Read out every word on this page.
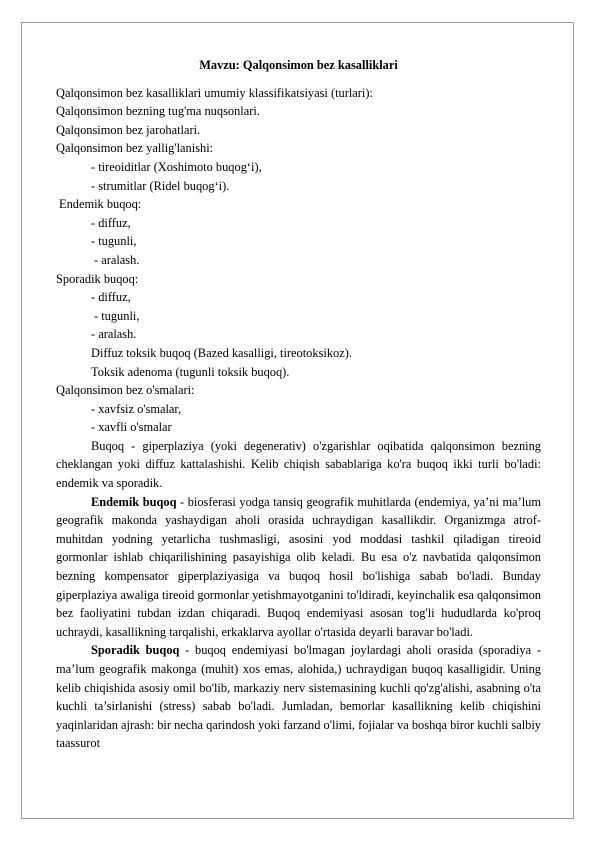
Mavzu: Qalqonsimon bez kasalliklari
Qalqonsimon bez kasalliklari umumiy klassifikatsiyasi (turlari):
Qalqonsimon bezning tug'ma nuqsonlari.
Qalqonsimon bez jarohatlari.
Qalqonsimon bez yallig'lanishi:
- tireoiditlar (Xoshimoto buqog‘i),
- strumitlar (Ridel buqog‘i).
Endemik buqoq:
- diffuz,
- tugunli,
- aralash.
Sporadik buqoq:
- diffuz,
- tugunli,
- aralash.
Diffuz toksik buqoq (Bazed kasalligi, tireotoksikoz).
Toksik adenoma (tugunli toksik buqoq).
Qalqonsimon bez o'smalari:
- xavfsiz o'smalar,
- xavfli o'smalar

Buqoq - giperplaziya (yoki degenerativ) o'zgarishlar oqibatida qalqonsimon bezning cheklangan yoki diffuz kattalashishi. Kelib chiqish sabablariga ko'ra buqoq ikki turli bo'ladi: endemik va sporadik.

Endemik buqoq - biosferasi yodga tansiq geografik muhitlarda (endemiya, ya’ni ma’lum geografik makonda yashaydigan aholi orasida uchraydigan kasallikdir. Organizmga atrof-muhitdan yodning yetarlicha tushmasligi, asosini yod moddasi tashkil qiladigan tireoid gormonlar ishlab chiqarilishining pasayishiga olib keladi. Bu esa o'z navbatida qalqonsimon bezning kompensator giperplaziyasiga va buqoq hosil bo'lishiga sabab bo'ladi. Bunday giperplaziya awaliga tireoid gormonlar yetishmayotganini to'ldiradi, keyinchalik esa qalqonsimon bez faoliyatini tubdan izdan chiqaradi. Buqoq endemiyasi asosan tog'li hududlarda ko'proq uchraydi, kasallikning tarqalishi, erkaklarva ayollar o'rtasida deyarli baravar bo'ladi.

Sporadik buqoq - buqoq endemiyasi bo'lmagan joylardagi aholi orasida (sporadiya - ma’lum geografik makonga (muhit) xos emas, alohida,) uchraydigan buqoq kasalligidir. Uning kelib chiqishida asosiy omil bo'lib, markaziy nerv sistemasining kuchli qo'zg'alishi, asabning o'ta kuchli ta’sirlanishi (stress) sabab bo'ladi. Jumladan, bemorlar kasallikning kelib chiqishini yaqinlaridan ajrash: bir necha qarindosh yoki farzand o'limi, fojialar va boshqa biror kuchli salbiy taassurot
